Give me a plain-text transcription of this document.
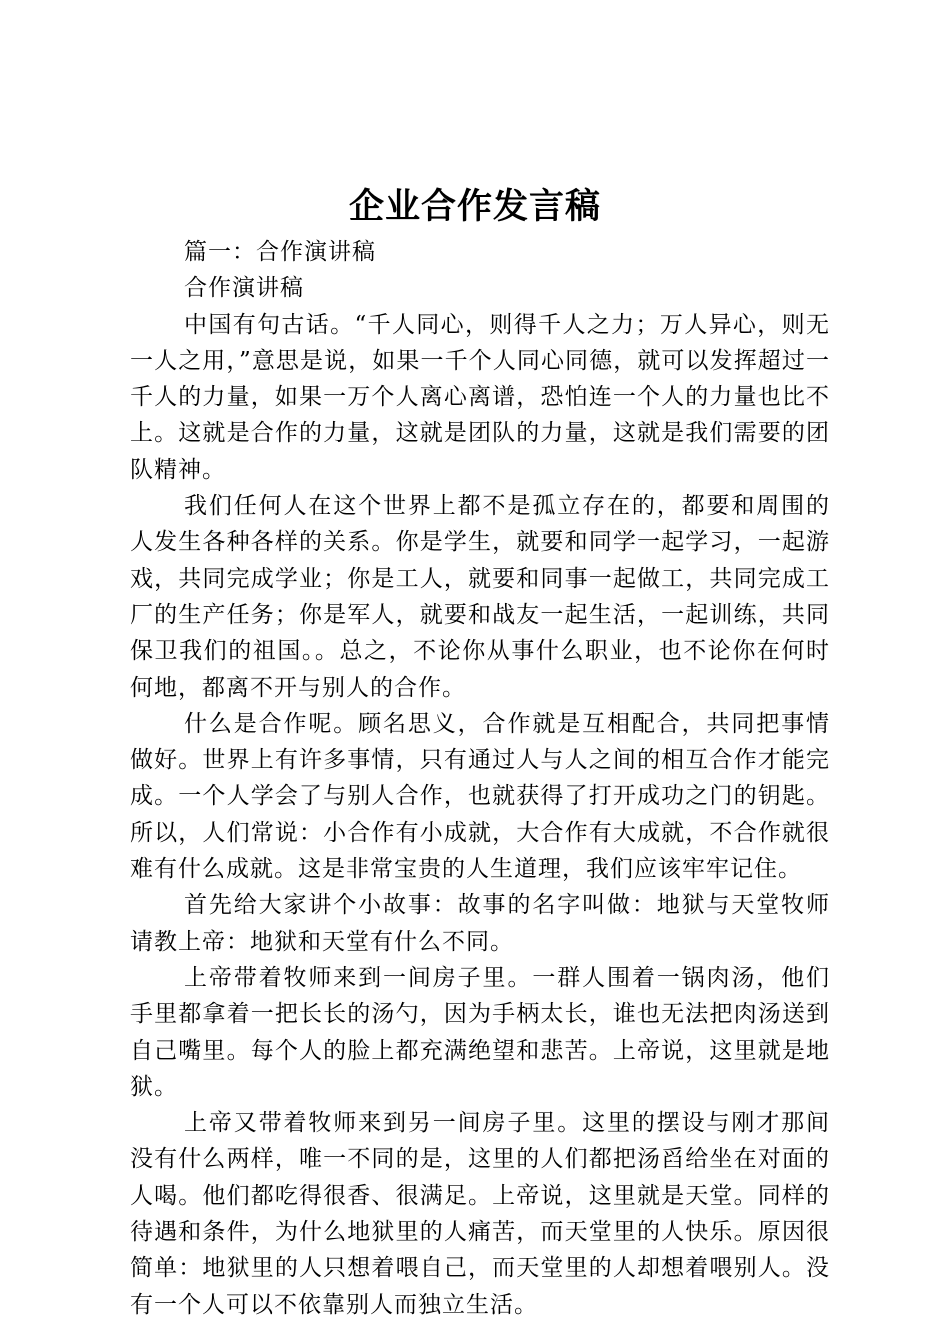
企业合作发言稿

篇一：合作演讲稿

合作演讲稿

中国有句古话。“千人同心，则得千人之力；万人异心，则无一人之用，”意思是说，如果一千个人同心同德，就可以发挥超过一千人的力量，如果一万个人离心离谱，恐怕连一个人的力量也比不上。这就是合作的力量，这就是团队的力量，这就是我们需要的团队精神。

我们任何人在这个世界上都不是孤立存在的，都要和周围的人发生各种各样的关系。你是学生，就要和同学一起学习，一起游戏，共同完成学业；你是工人，就要和同事一起做工，共同完成工厂的生产任务；你是军人，就要和战友一起生活，一起训练，共同保卫我们的祖国。。总之，不论你从事什么职业，也不论你在何时何地，都离不开与别人的合作。

什么是合作呢。顾名思义，合作就是互相配合，共同把事情做好。世界上有许多事情，只有通过人与人之间的相互合作才能完成。一个人学会了与别人合作，也就获得了打开成功之门的钥匙。所以，人们常说：小合作有小成就，大合作有大成就，不合作就很难有什么成就。这是非常宝贵的人生道理，我们应该牢牢记住。

首先给大家讲个小故事：故事的名字叫做：地狱与天堂牧师请教上帝：地狱和天堂有什么不同。

上帝带着牧师来到一间房子里。一群人围着一锅肉汤，他们手里都拿着一把长长的汤勺，因为手柄太长，谁也无法把肉汤送到自己嘴里。每个人的脸上都充满绝望和悲苦。上帝说，这里就是地狱。

上帝又带着牧师来到另一间房子里。这里的摆设与刚才那间没有什么两样，唯一不同的是，这里的人们都把汤舀给坐在对面的人喝。他们都吃得很香、很满足。上帝说，这里就是天堂。同样的待遇和条件，为什么地狱里的人痛苦，而天堂里的人快乐。原因很简单：地狱里的人只想着喂自己，而天堂里的人却想着喂别人。没有一个人可以不依靠别人而独立生活。
